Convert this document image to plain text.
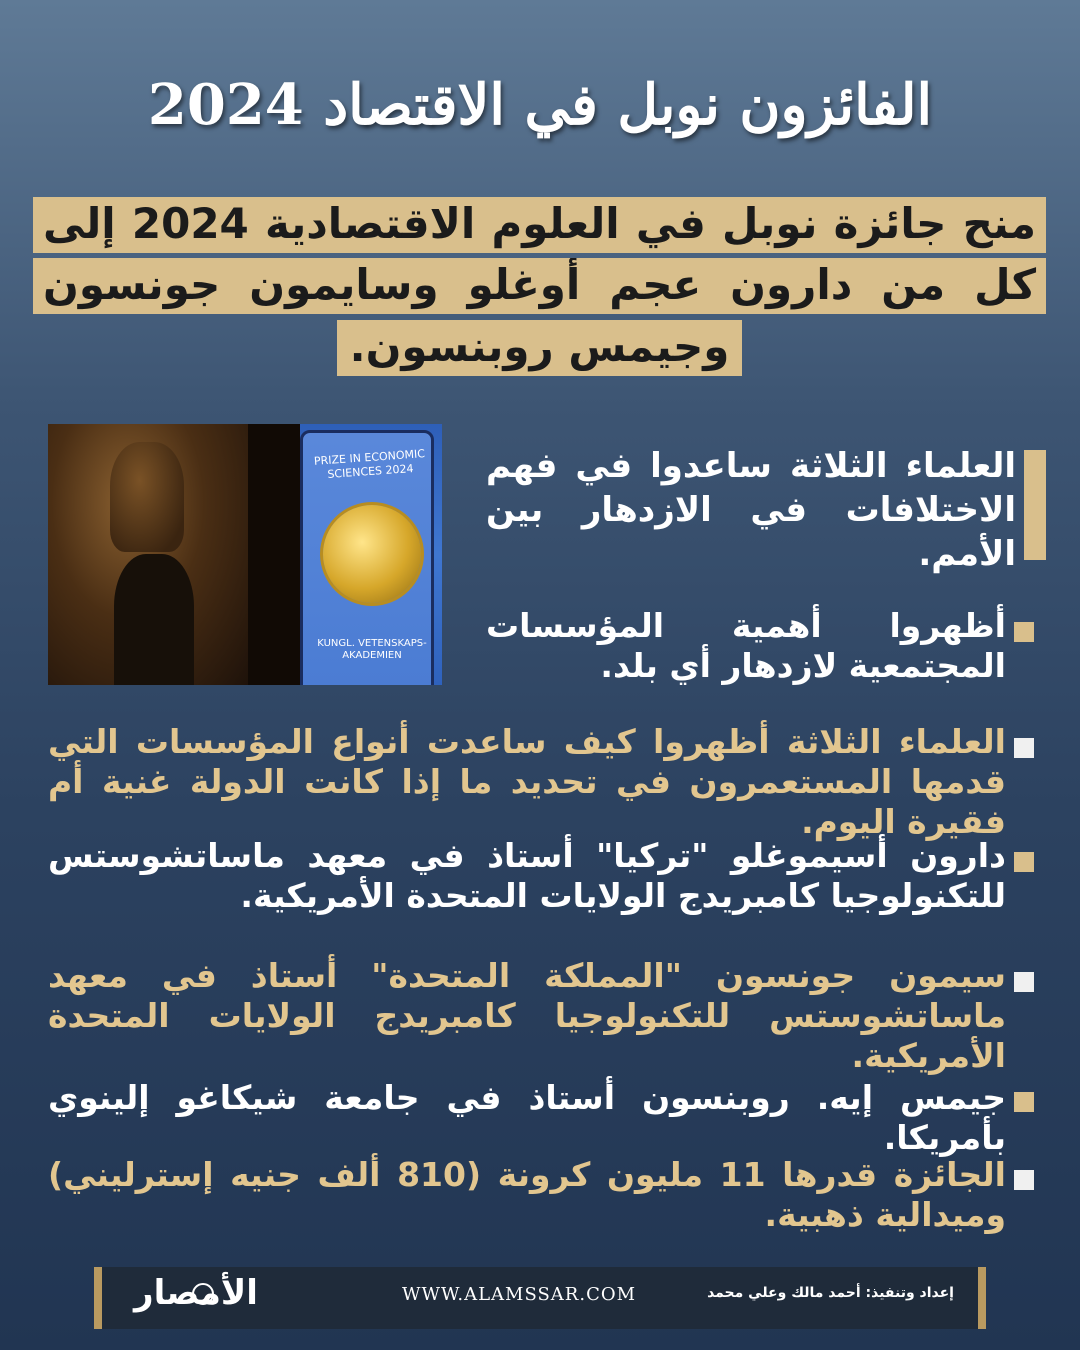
الفائزون نوبل في الاقتصاد 2024
منح جائزة نوبل في العلوم الاقتصادية 2024 إلى
كل من دارون عجم أوغلو وسايمون جونسون
وجيمس روبنسون.
PRIZE IN ECONOMIC SCIENCES 2024
KUNGL. VETENSKAPS- AKADEMIEN
العلماء الثلاثة ساعدوا في فهم الاختلافات في الازدهار بين الأمم.
أظهروا أهمية المؤسسات المجتمعية لازدهار أي بلد.
العلماء الثلاثة أظهروا كيف ساعدت أنواع المؤسسات التي قدمها المستعمرون في تحديد ما إذا كانت الدولة غنية أم فقيرة اليوم.
دارون أسيموغلو "تركيا" أستاذ في معهد ماساتشوستس للتكنولوجيا كامبريدج الولايات المتحدة الأمريكية.
سيمون جونسون "المملكة المتحدة" أستاذ في معهد ماساتشوستس للتكنولوجيا كامبريدج الولايات المتحدة الأمريكية.
جيمس إيه. روبنسون أستاذ في جامعة شيكاغو إلينوي بأمريكا.
الجائزة قدرها 11 مليون كرونة (810 ألف جنيه إسترليني) وميدالية ذهبية.
الأمصار	WWW.ALAMSSAR.COM	إعداد وتنفيذ: أحمد مالك وعلي محمد
